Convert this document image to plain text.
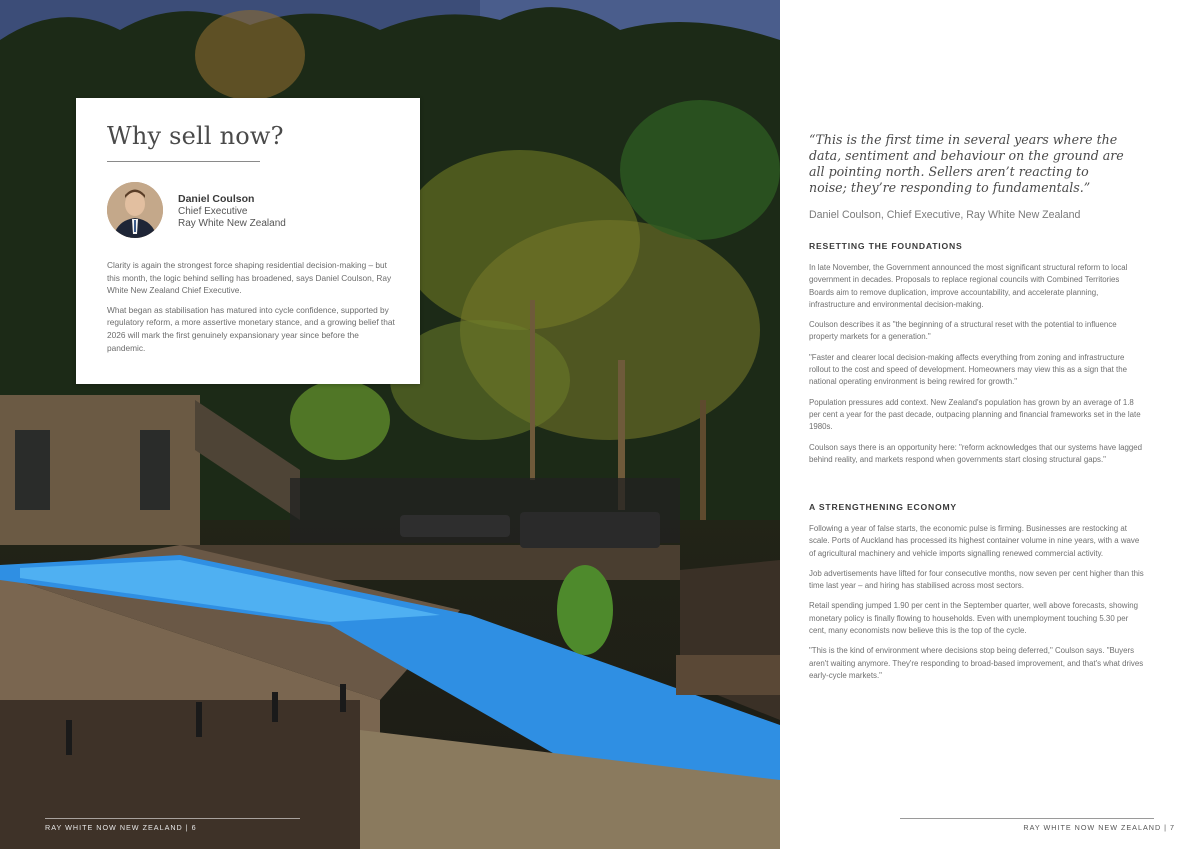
Why sell now?
Daniel Coulson
Chief Executive
Ray White New Zealand

Clarity is again the strongest force shaping residential decision-making – but this month, the logic behind selling has broadened, says Daniel Coulson, Ray White New Zealand Chief Executive.

What began as stabilisation has matured into cycle confidence, supported by regulatory reform, a more assertive monetary stance, and a growing belief that 2026 will mark the first genuinely expansionary year since before the pandemic.

RAY WHITE NOW NEW ZEALAND | 6

“This is the first time in several years where the data, sentiment and behaviour on the ground are all pointing north. Sellers aren’t reacting to noise; they’re responding to fundamentals.”

Daniel Coulson, Chief Executive, Ray White New Zealand
RESETTING THE FOUNDATIONS

In late November, the Government announced the most significant structural reform to local government in decades. Proposals to replace regional councils with Combined Territories Boards aim to remove duplication, improve accountability, and accelerate planning, infrastructure and environmental decision-making.

Coulson describes it as "the beginning of a structural reset with the potential to influence property markets for a generation."

"Faster and clearer local decision-making affects everything from zoning and infrastructure rollout to the cost and speed of development. Homeowners may view this as a sign that the national operating environment is being rewired for growth."

Population pressures add context. New Zealand's population has grown by an average of 1.8 per cent a year for the past decade, outpacing planning and financial frameworks set in the late 1980s.

Coulson says there is an opportunity here: "reform acknowledges that our systems have lagged behind reality, and markets respond when governments start closing structural gaps."

A STRENGTHENING ECONOMY

Following a year of false starts, the economic pulse is firming. Businesses are restocking at scale. Ports of Auckland has processed its highest container volume in nine years, with a wave of agricultural machinery and vehicle imports signalling renewed commercial activity.

Job advertisements have lifted for four consecutive months, now seven per cent higher than this time last year – and hiring has stabilised across most sectors.

Retail spending jumped 1.90 per cent in the September quarter, well above forecasts, showing monetary policy is finally flowing to households. Even with unemployment touching 5.30 per cent, many economists now believe this is the top of the cycle.

"This is the kind of environment where decisions stop being deferred," Coulson says. "Buyers aren't waiting anymore. They're responding to broad-based improvement, and that's what drives early-cycle markets."

RAY WHITE NOW NEW ZEALAND | 7
